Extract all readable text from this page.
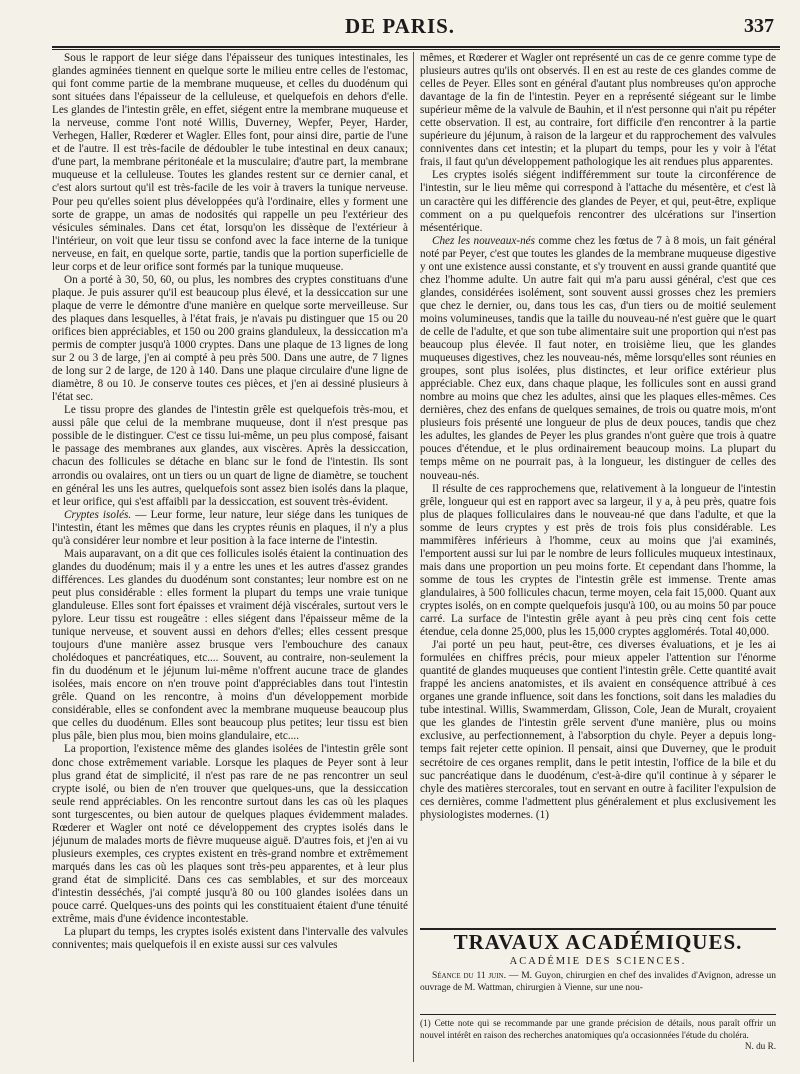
DE PARIS.	337

Sous le rapport de leur siége dans l'épaisseur des tuniques intestinales, les glandes agminées tiennent en quelque sorte le milieu entre celles de l'estomac, qui font comme partie de la membrane muqueuse, et celles du duodénum qui sont situées dans l'épaisseur de la celluleuse, et quelquefois en dehors d'elle. Les glandes de l'intestin grêle, en effet, siégent entre la membrane muqueuse et la nerveuse, comme l'ont noté Willis, Duverney, Wepfer, Peyer, Harder, Verhegen, Haller, Rœderer et Wagler. Elles font, pour ainsi dire, partie de l'une et de l'autre. Il est très-facile de dédoubler le tube intestinal en deux canaux; d'une part, la membrane péritonéale et la musculaire; d'autre part, la membrane muqueuse et la celluleuse. Toutes les glandes restent sur ce dernier canal, et c'est alors surtout qu'il est très-facile de les voir à travers la tunique nerveuse. Pour peu qu'elles soient plus développées qu'à l'ordinaire, elles y forment une sorte de grappe, un amas de nodosités qui rappelle un peu l'extérieur des vésicules séminales. Dans cet état, lorsqu'on les dissèque de l'extérieur à l'intérieur, on voit que leur tissu se confond avec la face interne de la tunique nerveuse, en fait, en quelque sorte, partie, tandis que la portion superficielle de leur corps et de leur orifice sont formés par la tunique muqueuse.

On a porté à 30, 50, 60, ou plus, les nombres des cryptes constituans d'une plaque. Je puis assurer qu'il est beaucoup plus élevé, et la dessiccation sur une plaque de verre le démontre d'une manière en quelque sorte merveilleuse. Sur des plaques dans lesquelles, à l'état frais, je n'avais pu distinguer que 15 ou 20 orifices bien appréciables, et 150 ou 200 grains glanduleux, la dessiccation m'a permis de compter jusqu'à 1000 cryptes. Dans une plaque de 13 lignes de long sur 2 ou 3 de large, j'en ai compté à peu près 500. Dans une autre, de 7 lignes de long sur 2 de large, de 120 à 140. Dans une plaque circulaire d'une ligne de diamètre, 8 ou 10. Je conserve toutes ces pièces, et j'en ai dessiné plusieurs à l'état sec.

Le tissu propre des glandes de l'intestin grêle est quelquefois très-mou, et aussi pâle que celui de la membrane muqueuse, dont il n'est presque pas possible de le distinguer. C'est ce tissu lui-même, un peu plus composé, faisant le passage des membranes aux glandes, aux viscères. Après la dessiccation, chacun des follicules se détache en blanc sur le fond de l'intestin. Ils sont arrondis ou ovalaires, ont un tiers ou un quart de ligne de diamètre, se touchent en général les uns les autres, quelquefois sont assez bien isolés dans la plaque, et leur orifice, qui s'est affaibli par la dessiccation, est souvent très-évident.

Cryptes isolés. — Leur forme, leur nature, leur siége dans les tuniques de l'intestin, étant les mêmes que dans les cryptes réunis en plaques, il n'y a plus qu'à considérer leur nombre et leur position à la face interne de l'intestin.

Mais auparavant, on a dit que ces follicules isolés étaient la continuation des glandes du duodénum; mais il y a entre les unes et les autres d'assez grandes différences. Les glandes du duodénum sont constantes; leur nombre est on ne peut plus considérable : elles forment la plupart du temps une vraie tunique glanduleuse. Elles sont fort épaisses et vraiment déjà viscérales, surtout vers le pylore. Leur tissu est rougeâtre : elles siégent dans l'épaisseur même de la tunique nerveuse, et souvent aussi en dehors d'elles; elles cessent presque toujours d'une manière assez brusque vers l'embouchure des canaux cholédoques et pancréatiques, etc.... Souvent, au contraire, non-seulement la fin du duodénum et le jéjunum lui-même n'offrent aucune trace de glandes isolées, mais encore on n'en trouve point d'appréciables dans tout l'intestin grêle. Quand on les rencontre, à moins d'un développement morbide considérable, elles se confondent avec la membrane muqueuse beaucoup plus que celles du duodénum. Elles sont beaucoup plus petites; leur tissu est bien plus pâle, bien plus mou, bien moins glandulaire, etc....

La proportion, l'existence même des glandes isolées de l'intestin grêle sont donc chose extrêmement variable. Lorsque les plaques de Peyer sont à leur plus grand état de simplicité, il n'est pas rare de ne pas rencontrer un seul crypte isolé, ou bien de n'en trouver que quelques-uns, que la dessiccation seule rend appréciables. On les rencontre surtout dans les cas où les plaques sont turgescentes, ou bien autour de quelques plaques évidemment malades. Rœderer et Wagler ont noté ce développement des cryptes isolés dans le jéjunum de malades morts de fièvre muqueuse aiguë. D'autres fois, et j'en ai vu plusieurs exemples, ces cryptes existent en très-grand nombre et extrêmement marqués dans les cas où les plaques sont très-peu apparentes, et à leur plus grand état de simplicité. Dans ces cas semblables, et sur des morceaux d'intestin desséchés, j'ai compté jusqu'à 80 ou 100 glandes isolées dans un pouce carré. Quelques-uns des points qui les constituaient étaient d'une ténuité extrême, mais d'une évidence incontestable.

La plupart du temps, les cryptes isolés existent dans l'intervalle des valvules conniventes; mais quelquefois il en existe aussi sur ces valvules

mêmes, et Rœderer et Wagler ont représenté un cas de ce genre comme type de plusieurs autres qu'ils ont observés. Il en est au reste de ces glandes comme de celles de Peyer. Elles sont en général d'autant plus nombreuses qu'on approche davantage de la fin de l'intestin. Peyer en a représenté siégeant sur le limbe supérieur même de la valvule de Bauhin, et il n'est personne qui n'ait pu répéter cette observation. Il est, au contraire, fort difficile d'en rencontrer à la partie supérieure du jéjunum, à raison de la largeur et du rapprochement des valvules conniventes dans cet intestin; et la plupart du temps, pour les y voir à l'état frais, il faut qu'un développement pathologique les ait rendues plus apparentes.

Les cryptes isolés siégent indifféremment sur toute la circonférence de l'intestin, sur le lieu même qui correspond à l'attache du mésentère, et c'est là un caractère qui les différencie des glandes de Peyer, et qui, peut-être, explique comment on a pu quelquefois rencontrer des ulcérations sur l'insertion mésentérique.

Chez les nouveaux-nés comme chez les fœtus de 7 à 8 mois, un fait général noté par Peyer, c'est que toutes les glandes de la membrane muqueuse digestive y ont une existence aussi constante, et s'y trouvent en aussi grande quantité que chez l'homme adulte. Un autre fait qui m'a paru aussi général, c'est que ces glandes, considérées isolément, sont souvent aussi grosses chez les premiers que chez le dernier, ou, dans tous les cas, d'un tiers ou de moitié seulement moins volumineuses, tandis que la taille du nouveau-né n'est guère que le quart de celle de l'adulte, et que son tube alimentaire suit une proportion qui n'est pas beaucoup plus élevée. Il faut noter, en troisième lieu, que les glandes muqueuses digestives, chez les nouveau-nés, même lorsqu'elles sont réunies en groupes, sont plus isolées, plus distinctes, et leur orifice extérieur plus appréciable. Chez eux, dans chaque plaque, les follicules sont en aussi grand nombre au moins que chez les adultes, ainsi que les plaques elles-mêmes. Ces dernières, chez des enfans de quelques semaines, de trois ou quatre mois, m'ont plusieurs fois présenté une longueur de plus de deux pouces, tandis que chez les adultes, les glandes de Peyer les plus grandes n'ont guère que trois à quatre pouces d'étendue, et le plus ordinairement beaucoup moins. La plupart du temps même on ne pourrait pas, à la longueur, les distinguer de celles des nouveau-nés.

Il résulte de ces rapprochemens que, relativement à la longueur de l'intestin grêle, longueur qui est en rapport avec sa largeur, il y a, à peu près, quatre fois plus de plaques folliculaires dans le nouveau-né que dans l'adulte, et que la somme de leurs cryptes y est près de trois fois plus considérable. Les mammifères inférieurs à l'homme, ceux au moins que j'ai examinés, l'emportent aussi sur lui par le nombre de leurs follicules muqueux intestinaux, mais dans une proportion un peu moins forte. Et cependant dans l'homme, la somme de tous les cryptes de l'intestin grêle est immense. Trente amas glandulaires, à 500 follicules chacun, terme moyen, cela fait 15,000. Quant aux cryptes isolés, on en compte quelquefois jusqu'à 100, ou au moins 50 par pouce carré. La surface de l'intestin grêle ayant à peu près cinq cent fois cette étendue, cela donne 25,000, plus les 15,000 cryptes agglomérés. Total 40,000.

J'ai porté un peu haut, peut-être, ces diverses évaluations, et je les ai formulées en chiffres précis, pour mieux appeler l'attention sur l'énorme quantité de glandes muqueuses que contient l'intestin grêle. Cette quantité avait frappé les anciens anatomistes, et ils avaient en conséquence attribué à ces organes une grande influence, soit dans les fonctions, soit dans les maladies du tube intestinal. Willis, Swammerdam, Glisson, Cole, Jean de Muralt, croyaient que les glandes de l'intestin grêle servent d'une manière, plus ou moins exclusive, au perfectionnement, à l'absorption du chyle. Peyer a depuis long-temps fait rejeter cette opinion. Il pensait, ainsi que Duverney, que le produit secrétoire de ces organes remplit, dans le petit intestin, l'office de la bile et du suc pancréatique dans le duodénum, c'est-à-dire qu'il continue à y séparer le chyle des matières stercorales, tout en servant en outre à faciliter l'expulsion de ces dernières, comme l'admettent plus généralement et plus exclusivement les physiologistes modernes. (1)

TRAVAUX ACADÉMIQUES.
ACADÉMIE DES SCIENCES.
Séance du 11 juin. — M. Guyon, chirurgien en chef des invalides d'Avignon, adresse un ouvrage de M. Wattman, chirurgien à Vienne, sur une nou-
(1) Cette note qui se recommande par une grande précision de détails, nous paraît offrir un nouvel intérêt en raison des recherches anatomiques qu'a occasionnées l'étude du choléra.
N. du R.
